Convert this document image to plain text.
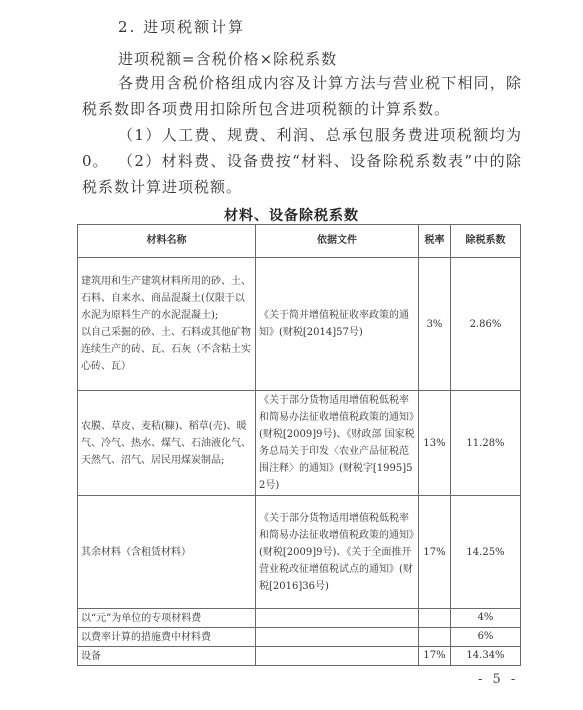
2. 进项税额计算
进项税额=含税价格×除税系数
各费用含税价格组成内容及计算方法与营业税下相同，除税系数即各项费用扣除所包含进项税额的计算系数。
（1）人工费、规费、利润、总承包服务费进项税额均为0。 （2）材料费、设备费按“材料、设备除税系数表”中的除税系数计算进项税额。
材料、设备除税系数
材料名称	依据文件	税率	除税系数

建筑用和生产建筑材料所用的砂、土、石料、自来水、商品混凝土(仅限于以水泥为原料生产的水泥混凝土);
以自己采掘的砂、土、石料或其他矿物连续生产的砖、瓦、石灰（不含粘土实心砖、瓦）	《关于简并增值税征收率政策的通知》(财税[2014]57号)	3%	2.86%

农膜、草皮、麦秸(糠)、稻草(壳)、暖气、冷气、热水、煤气、石油液化气、天然气、沼气、居民用煤炭制品;	《关于部分货物适用增值税低税率和简易办法征收增值税政策的通知》(财税[2009]9号)、《财政部 国家税务总局关于印发〈农业产品征税范围注释〉的通知》(财税字[1995]52号)	13%	11.28%

其余材料（含租赁材料）	《关于部分货物适用增值税低税率和简易办法征收增值税政策的通知》(财税[2009]9号)、《关于全面推开营业税改征增值税试点的通知》(财税[2016]36号)	17%	14.25%

以“元”为单位的专项材料费			4%

以费率计算的措施费中材料费			6%

设备		17%	14.34%
- 5 -
